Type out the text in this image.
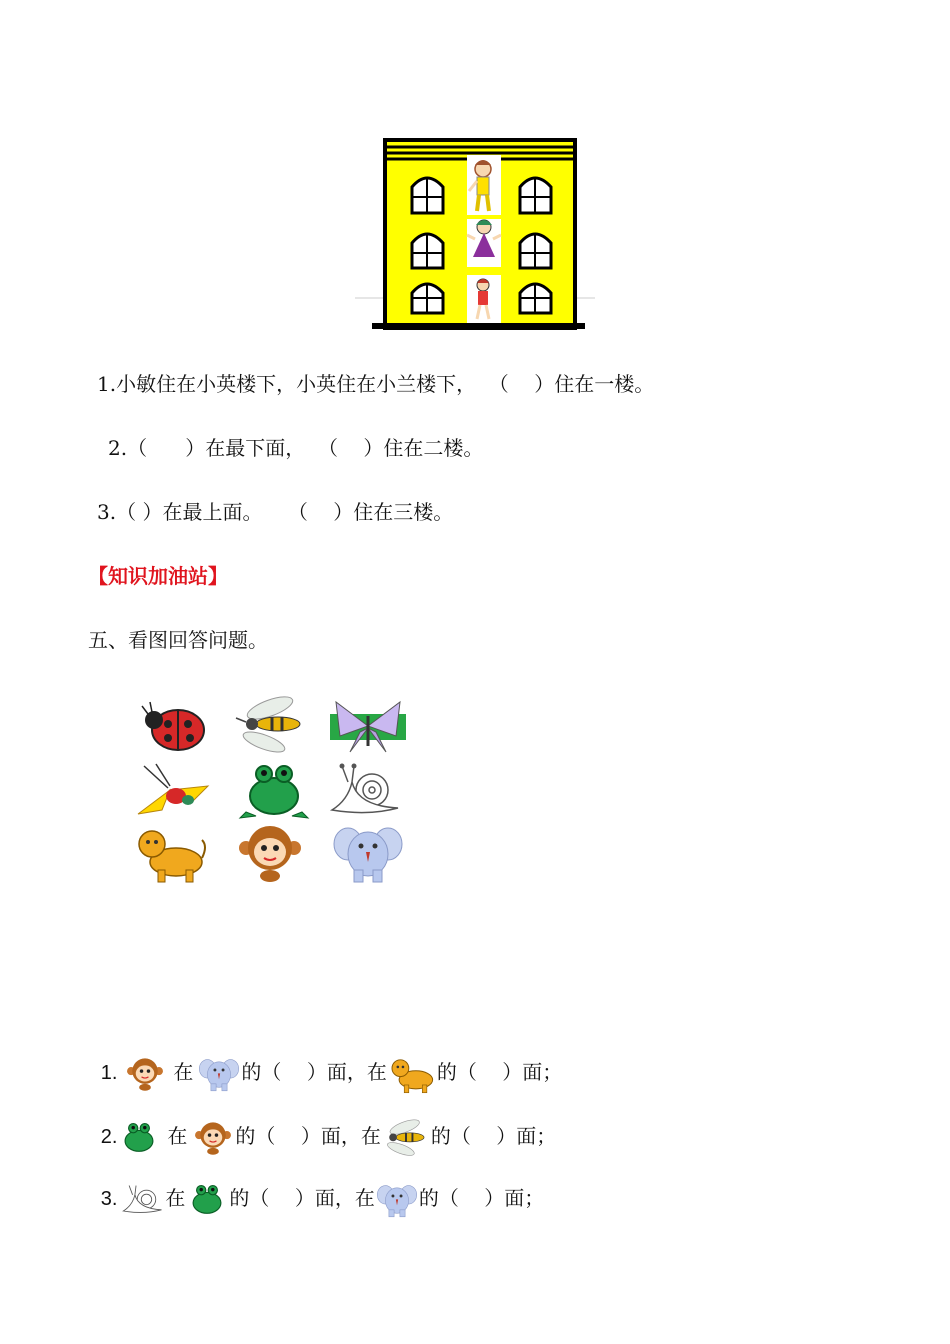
1.小敏住在小英楼下，小英住在小兰楼下，  （    ）住在一楼。
2.（      ）在最下面，  （    ）住在二楼。
3.（ ）在最上面。    （    ）住在三楼。
【知识加油站】
五、看图回答问题。

1.	在 的（    ）面，在	的（    ）面；

2.	在 的（    ）面，在	的（    ）面；

3. 在 的（    ）面，在 的（    ）面；
